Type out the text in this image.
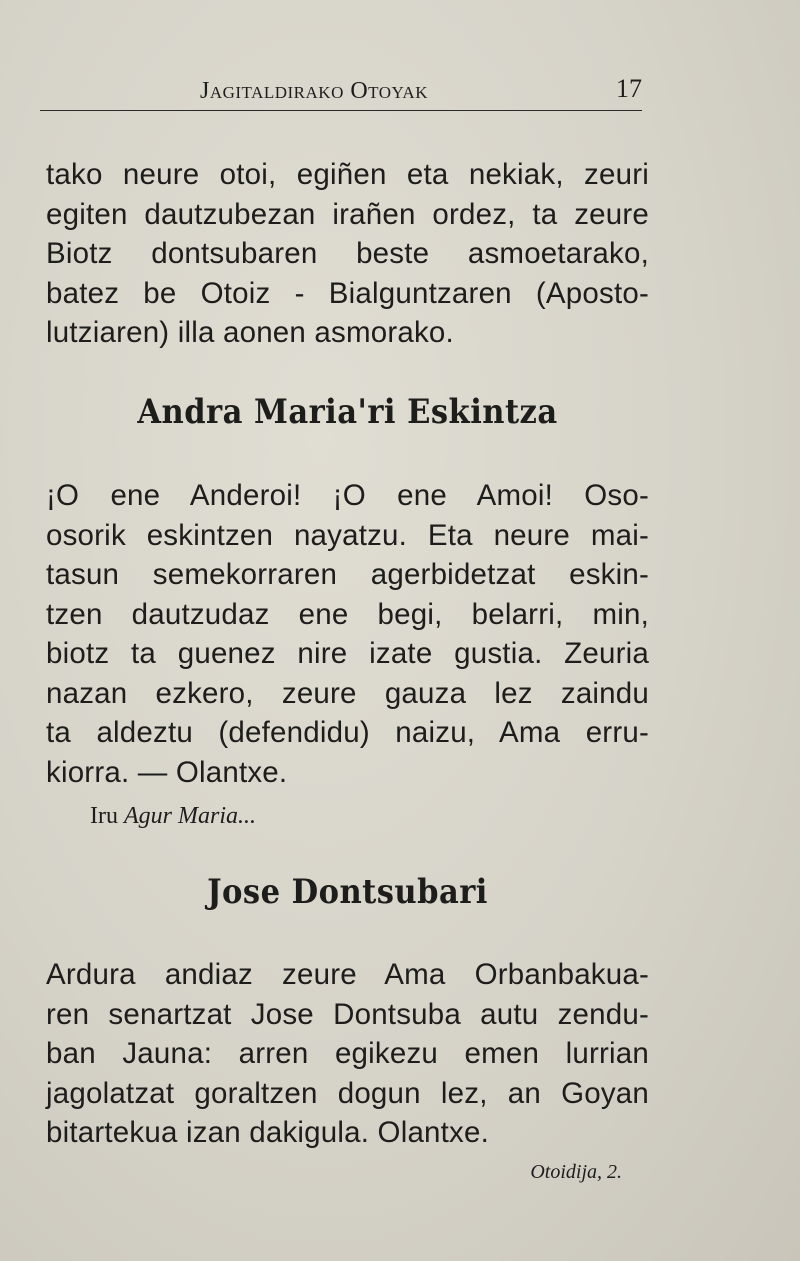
Jagitaldirako Otoyak	17

tako neure otoi, egiñen eta nekiak, zeuri
egiten dautzubezan irañen ordez, ta zeure
Biotz dontsubaren beste asmoetarako,
batez be Otoiz - Bialguntzaren (Aposto-
lutziaren) illa aonen asmorako.

Andra Maria'ri Eskintza

¡O ene Anderoi! ¡O ene Amoi! Oso-
osorik eskintzen nayatzu. Eta neure mai-
tasun semekorraren agerbidetzat eskin-
tzen dautzudaz ene begi, belarri, min,
biotz ta guenez nire izate gustia. Zeuria
nazan ezkero, zeure gauza lez zaindu
ta aldeztu (defendidu) naizu, Ama erru-
kiorra. — Olantxe.

Iru Agur Maria...
Jose Dontsubari

Ardura andiaz zeure Ama Orbanbakua-
ren senartzat Jose Dontsuba autu zendu-
ban Jauna: arren egikezu emen lurrian
jagolatzat goraltzen dogun lez, an Goyan
bitartekua izan dakigula. Olantxe.

Otoidija, 2.
